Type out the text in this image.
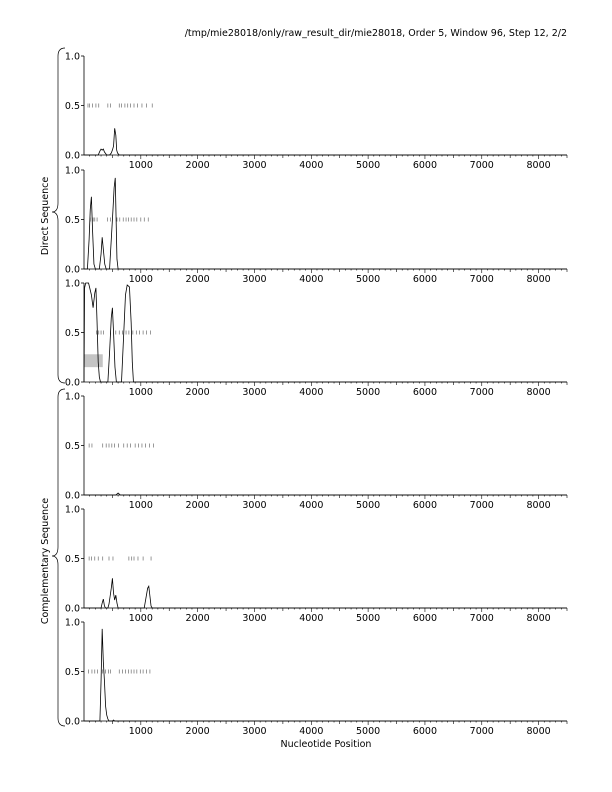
/tmp/mie28018/only/raw_result_dir/mie28018, Order 5, Window 96, Step 12, 2/2
0.0
0.5
1.0
1000	2000	3000	4000	5000	6000	7000	8000
0.0
0.5
1.0
1000	2000	3000	4000	5000	6000	7000	8000
0.0
0.5
1.0
1000	2000	3000	4000	5000	6000	7000	8000
0.0
0.5
1.0
1000	2000	3000	4000	5000	6000	7000	8000
0.0
0.5
1.0
1000	2000	3000	4000	5000	6000	7000	8000
0.0
0.5
1.0
1000	2000	3000	4000	5000	6000	7000	8000
Direct Sequence
Complementary Sequence
Nucleotide Position
